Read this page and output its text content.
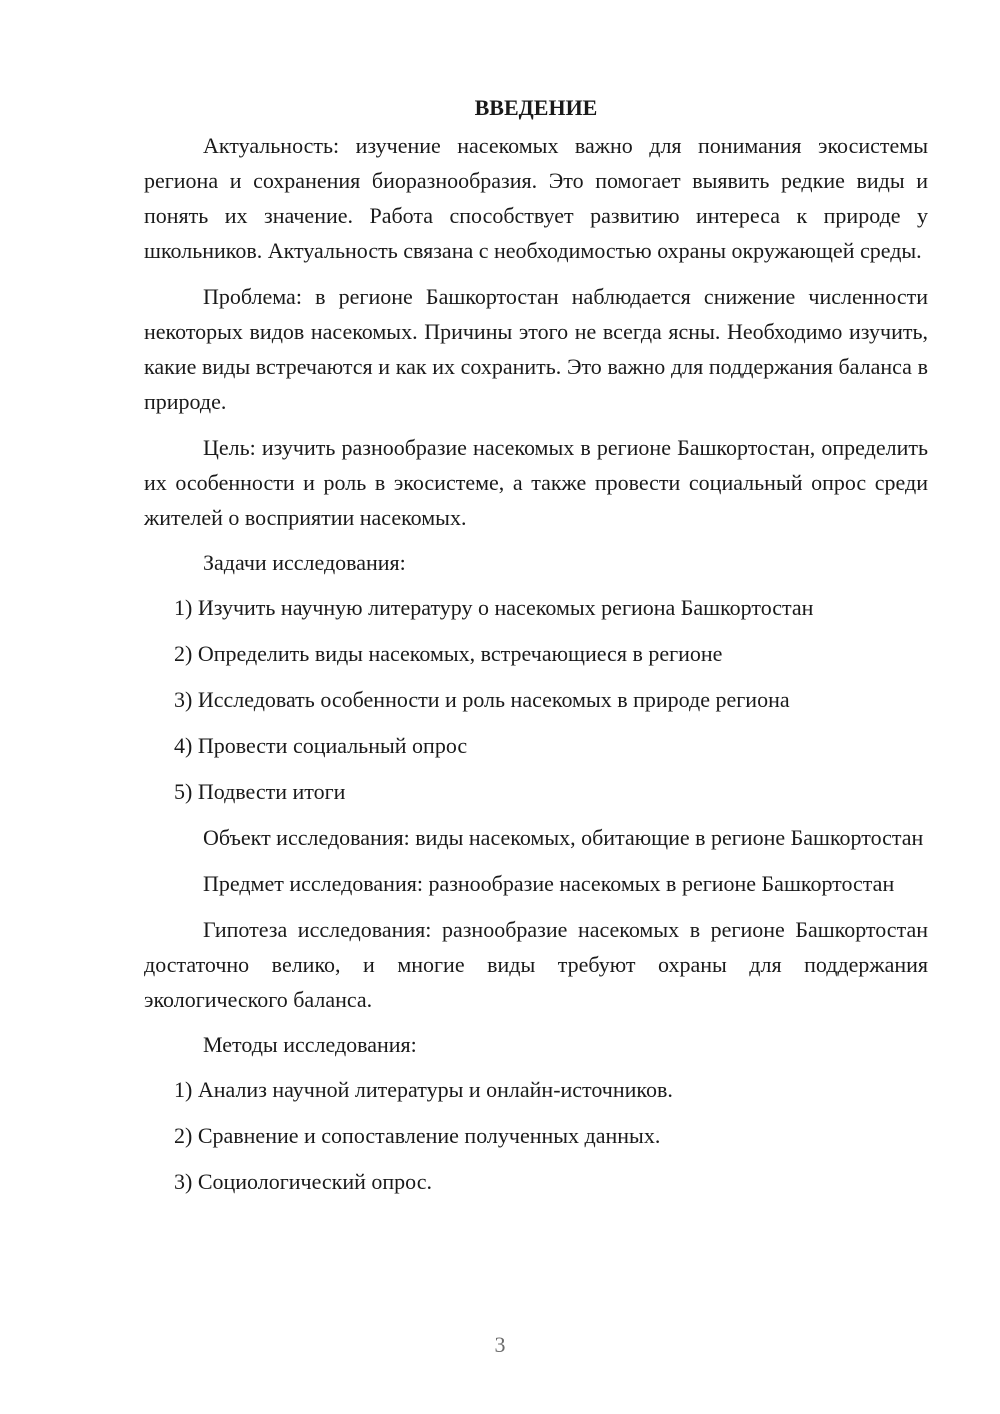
ВВЕДЕНИЕ

Актуальность: изучение насекомых важно для понимания экосистемы региона и сохранения биоразнообразия. Это помогает выявить редкие виды и понять их значение. Работа способствует развитию интереса к природе у школьников. Актуальность связана с необходимостью охраны окружающей среды.

Проблема: в регионе Башкортостан наблюдается снижение численности некоторых видов насекомых. Причины этого не всегда ясны. Необходимо изучить, какие виды встречаются и как их сохранить. Это важно для поддержания баланса в природе.

Цель: изучить разнообразие насекомых в регионе Башкортостан, определить их особенности и роль в экосистеме, а также провести социальный опрос среди жителей о восприятии насекомых.

Задачи исследования:
1) Изучить научную литературу о насекомых региона Башкортостан
2) Определить виды насекомых, встречающиеся в регионе
3) Исследовать особенности и роль насекомых в природе региона
4) Провести социальный опрос
5) Подвести итоги

Объект исследования: виды насекомых, обитающие в регионе Башкортостан

Предмет исследования: разнообразие насекомых в регионе Башкортостан

Гипотеза исследования: разнообразие насекомых в регионе Башкортостан достаточно велико, и многие виды требуют охраны для поддержания экологического баланса.

Методы исследования:
1) Анализ научной литературы и онлайн-источников.
2) Сравнение и сопоставление полученных данных.
3) Социологический опрос.
3
